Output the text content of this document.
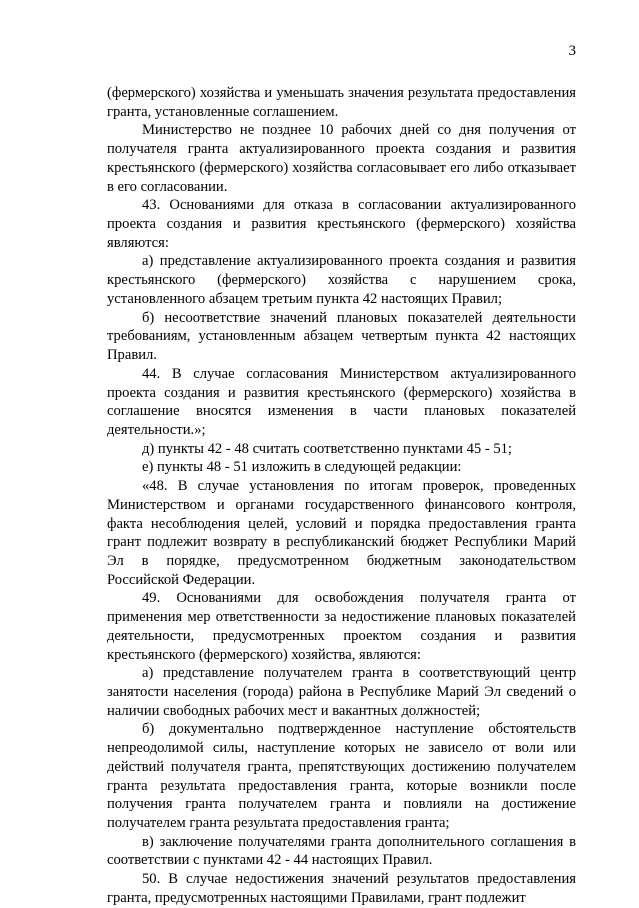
3

(фермерского) хозяйства и уменьшать значения результата предоставления гранта, установленные соглашением.

Министерство не позднее 10 рабочих дней со дня получения от получателя гранта актуализированного проекта создания и развития крестьянского (фермерского) хозяйства согласовывает его либо отказывает в его согласовании.

43. Основаниями для отказа в согласовании актуализированного проекта создания и развития крестьянского (фермерского) хозяйства являются:

а) представление актуализированного проекта создания и развития крестьянского (фермерского) хозяйства с нарушением срока, установленного абзацем третьим пункта 42 настоящих Правил;

б) несоответствие значений плановых показателей деятельности требованиям, установленным абзацем четвертым пункта 42 настоящих Правил.

44. В случае согласования Министерством актуализированного проекта создания и развития крестьянского (фермерского) хозяйства в соглашение вносятся изменения в части плановых показателей деятельности.»;

д) пункты 42 - 48 считать соответственно пунктами 45 - 51;

е) пункты 48 - 51 изложить в следующей редакции:

«48. В случае установления по итогам проверок, проведенных Министерством и органами государственного финансового контроля, факта несоблюдения целей, условий и порядка предоставления гранта грант подлежит возврату в республиканский бюджет Республики Марий Эл в порядке, предусмотренном бюджетным законодательством Российской Федерации.

49. Основаниями для освобождения получателя гранта от применения мер ответственности за недостижение плановых показателей деятельности, предусмотренных проектом создания и развития крестьянского (фермерского) хозяйства, являются:

а) представление получателем гранта в соответствующий центр занятости населения (города) района в Республике Марий Эл сведений о наличии свободных рабочих мест и вакантных должностей;

б) документально подтвержденное наступление обстоятельств непреодолимой силы, наступление которых не зависело от воли или действий получателя гранта, препятствующих достижению получателем гранта результата предоставления гранта, которые возникли после получения гранта получателем гранта и повлияли на достижение получателем гранта результата предоставления гранта;

в) заключение получателями гранта дополнительного соглашения в соответствии с пунктами 42 - 44 настоящих Правил.

50. В случае недостижения значений результатов предоставления гранта, предусмотренных настоящими Правилами, грант подлежит
